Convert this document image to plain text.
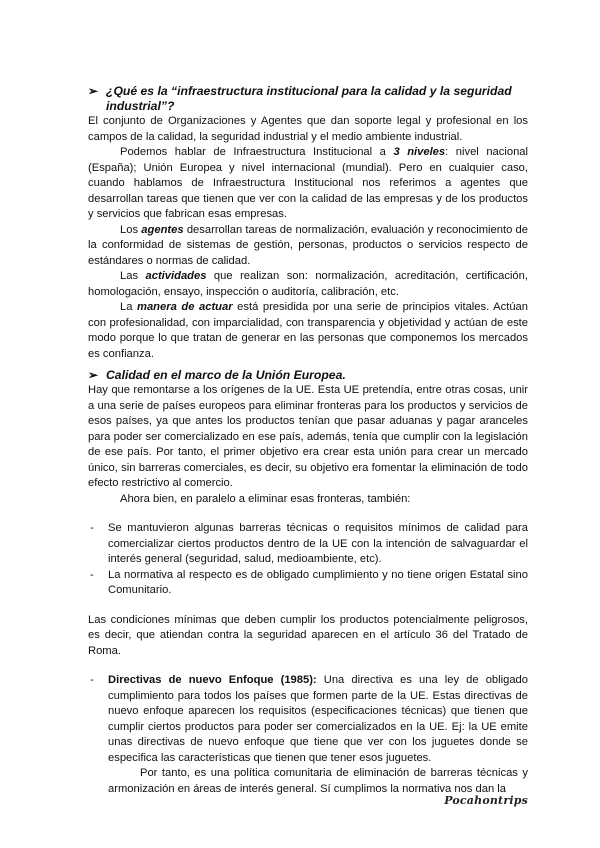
➢ ¿Qué es la “infraestructura institucional para la calidad y la seguridad
industrial”?

El conjunto de Organizaciones y Agentes que dan soporte legal y profesional en los campos de la calidad, la seguridad industrial y el medio ambiente industrial.

Podemos hablar de Infraestructura Institucional a 3 niveles: nivel nacional (España); Unión Europea y nivel internacional (mundial). Pero en cualquier caso, cuando hablamos de Infraestructura Institucional nos referimos a agentes que desarrollan tareas que tienen que ver con la calidad de las empresas y de los productos y servicios que fabrican esas empresas.

Los agentes desarrollan tareas de normalización, evaluación y reconocimiento de la conformidad de sistemas de gestión, personas, productos o servicios respecto de estándares o normas de calidad.

Las actividades que realizan son: normalización, acreditación, certificación, homologación, ensayo, inspección o auditoría, calibración, etc.

La manera de actuar está presidida por una serie de principios vitales. Actúan con profesionalidad, con imparcialidad, con transparencia y objetividad y actúan de este modo porque lo que tratan de generar en las personas que componemos los mercados es confianza.

➢ Calidad en el marco de la Unión Europea.

Hay que remontarse a los orígenes de la UE. Esta UE pretendía, entre otras cosas, unir a una serie de países europeos para eliminar fronteras para los productos y servicios de esos países, ya que antes los productos tenían que pasar aduanas y pagar aranceles para poder ser comercializado en ese país, además, tenía que cumplir con la legislación de ese país. Por tanto, el primer objetivo era crear esta unión para crear un mercado único, sin barreras comerciales, es decir, su objetivo era fomentar la eliminación de todo efecto restrictivo al comercio.

Ahora bien, en paralelo a eliminar esas fronteras, también:

- Se mantuvieron algunas barreras técnicas o requisitos mínimos de calidad para comercializar ciertos productos dentro de la UE con la intención de salvaguardar el interés general (seguridad, salud, medioambiente, etc).
- La normativa al respecto es de obligado cumplimiento y no tiene origen Estatal sino Comunitario.

Las condiciones mínimas que deben cumplir los productos potencialmente peligrosos, es decir, que atiendan contra la seguridad aparecen en el artículo 36 del Tratado de Roma.

- Directivas de nuevo Enfoque (1985): Una directiva es una ley de obligado cumplimiento para todos los países que formen parte de la UE. Estas directivas de nuevo enfoque aparecen los requisitos (especificaciones técnicas) que tienen que cumplir ciertos productos para poder ser comercializados en la UE. Ej: la UE emite unas directivas de nuevo enfoque que tiene que ver con los juguetes donde se especifica las características que tienen que tener esos juguetes.
Por tanto, es una política comunitaria de eliminación de barreras técnicas y armonización en áreas de interés general. Sí cumplimos la normativa nos dan la
Pocahontrips
